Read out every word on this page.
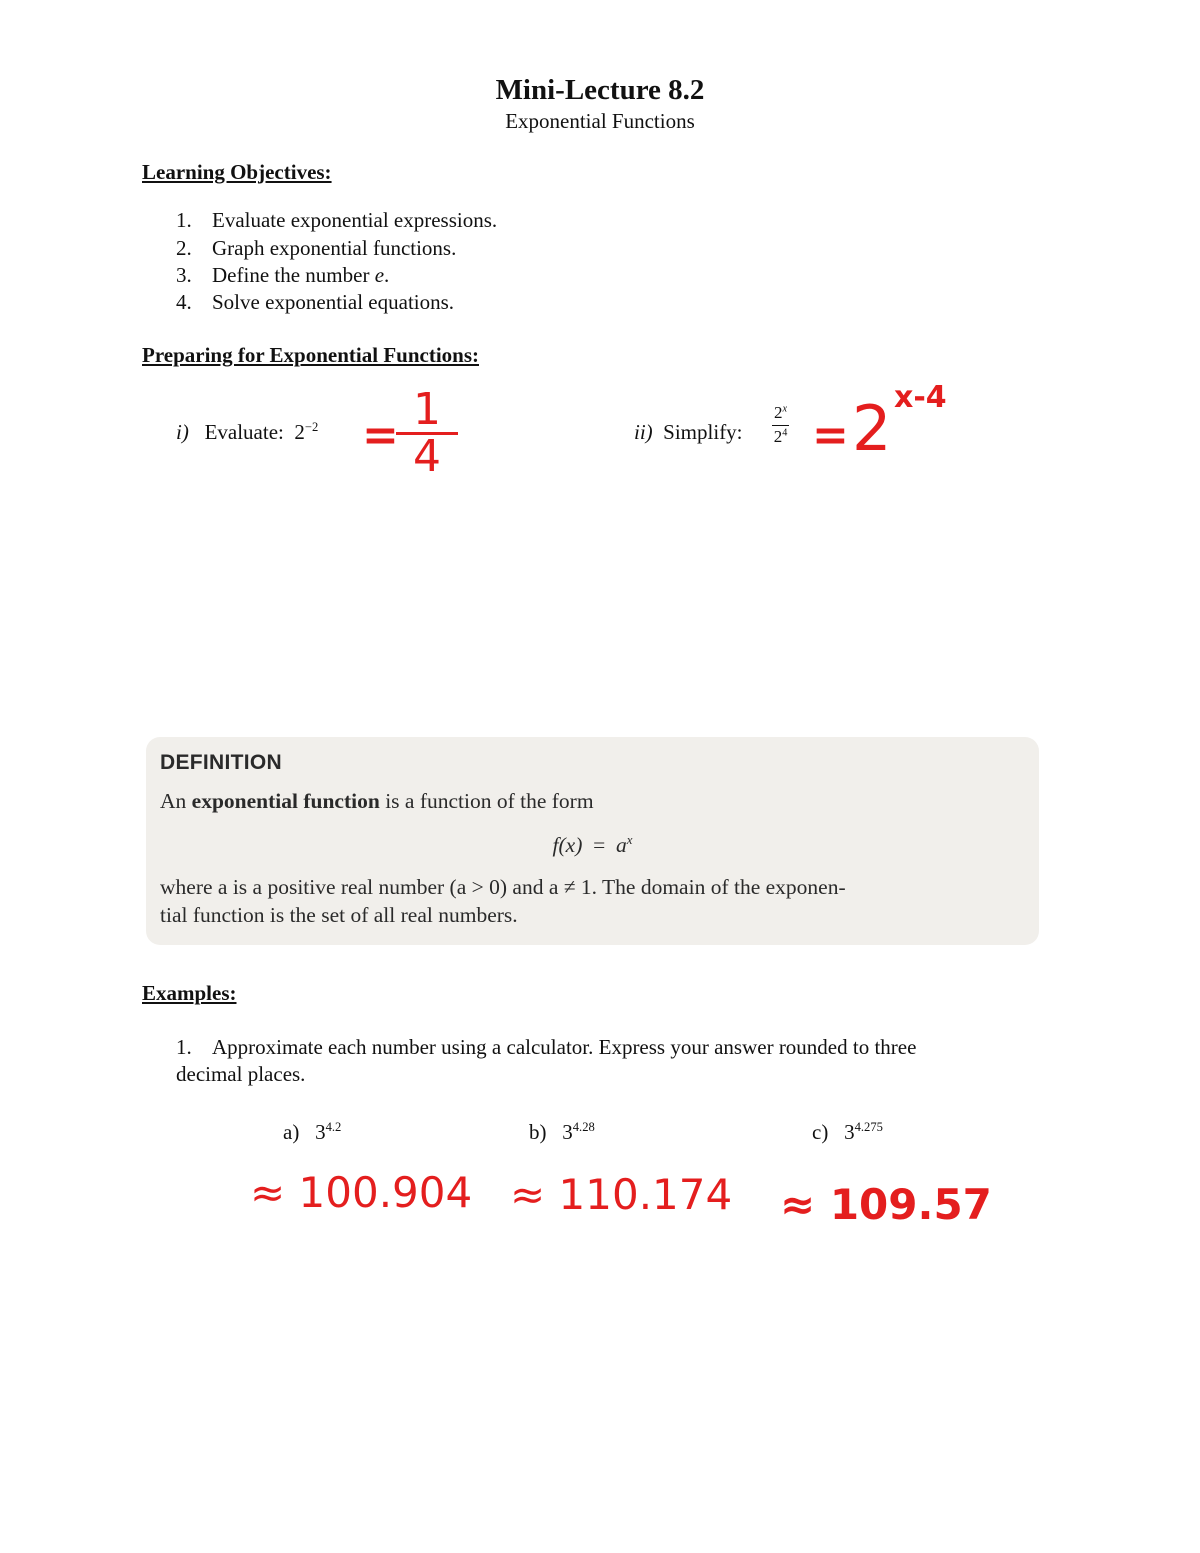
Mini-Lecture 8.2
Exponential Functions
Learning Objectives:
1. Evaluate exponential expressions.
2. Graph exponential functions.
3. Define the number e.
4. Solve exponential equations.
Preparing for Exponential Functions:
i) Evaluate: $2^{-2}$ =
1
4	ii) Simplify: $\frac{2^x}{2^4} = 2$ x-4
DEFINITION
An exponential function is a function of the form
$f(x) = a^x$
where a is a positive real number (a > 0) and a ≠ 1. The domain of the exponen-
tial function is the set of all real numbers.
Examples:
1. Approximate each number using a calculator. Express your answer rounded to three
decimal places.
a) $3^{4.2}$	b) $3^{4.28}$	c) $3^{4.275}$
≈ 100.904 ≈ 110.174 ≈ 109.57
